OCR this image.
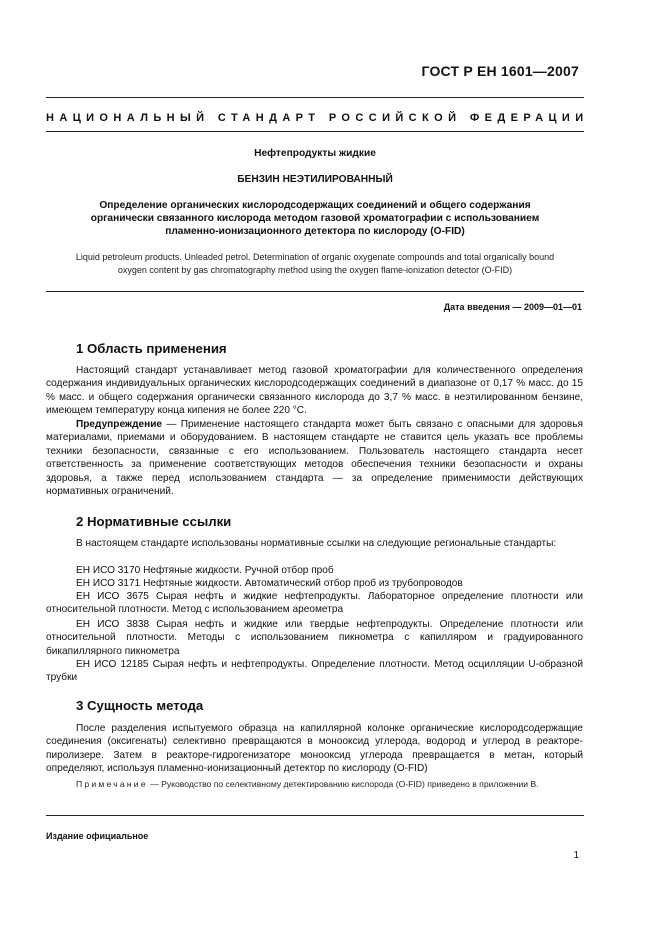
ГОСТ Р ЕН 1601—2007
НАЦИОНАЛЬНЫЙ СТАНДАРТ РОССИЙСКОЙ ФЕДЕРАЦИИ
Нефтепродукты жидкие
БЕНЗИН НЕЭТИЛИРОВАННЫЙ
Определение органических кислородсодержащих соединений и общего содержания
органически связанного кислорода методом газовой хроматографии с использованием
пламенно-ионизационного детектора по кислороду (O-FID)
Liquid petroleum products. Unleaded petrol. Determination of organic oxygenate compounds and total organically bound
oxygen content by gas chromatography method using the oxygen flame-ionization detector (O-FID)
Дата введения — 2009—01—01
1 Область применения

Настоящий стандарт устанавливает метод газовой хроматографии для количественного определения содержания индивидуальных органических кислородсодержащих соединений в диапазоне от 0,17 % масс. до 15 % масс. и общего содержания органически связанного кислорода до 3,7 % масс. в неэтилированном бензине, имеющем температуру конца кипения не более 220 °С.

Предупреждение — Применение настоящего стандарта может быть связано с опасными для здоровья материалами, приемами и оборудованием. В настоящем стандарте не ставится цель указать все проблемы техники безопасности, связанные с его использованием. Пользователь настоящего стандарта несет ответственность за применение соответствующих методов обеспечения техники безопасности и охраны здоровья, а также перед использованием стандарта — за определение применимости действующих нормативных ограничений.

2 Нормативные ссылки

В настоящем стандарте использованы нормативные ссылки на следующие региональные стандарты:

ЕН ИСО 3170 Нефтяные жидкости. Ручной отбор проб
ЕН ИСО 3171 Нефтяные жидкости. Автоматический отбор проб из трубопроводов

ЕН ИСО 3675 Сырая нефть и жидкие нефтепродукты. Лабораторное определение плотности или относительной плотности. Метод с использованием ареометра

ЕН ИСО 3838 Сырая нефть и жидкие или твердые нефтепродукты. Определение плотности или относительной плотности. Методы с использованием пикнометра с капилляром и градуированного бикапиллярного пикнометра

ЕН ИСО 12185 Сырая нефть и нефтепродукты. Определение плотности. Метод осцилляции U-образной трубки

3 Сущность метода

После разделения испытуемого образца на капиллярной колонке органические кислородсодержащие соединения (оксигенаты) селективно превращаются в монооксид углерода, водород и углерод в реакторе-пиролизере. Затем в реакторе-гидрогенизаторе монооксид углерода превращается в метан, который определяют, используя пламенно-ионизационный детектор по кислороду (O-FID)

Примечание — Руководство по селективному детектированию кислорода (O-FID) приведено в приложении В.

Издание официальное
1
